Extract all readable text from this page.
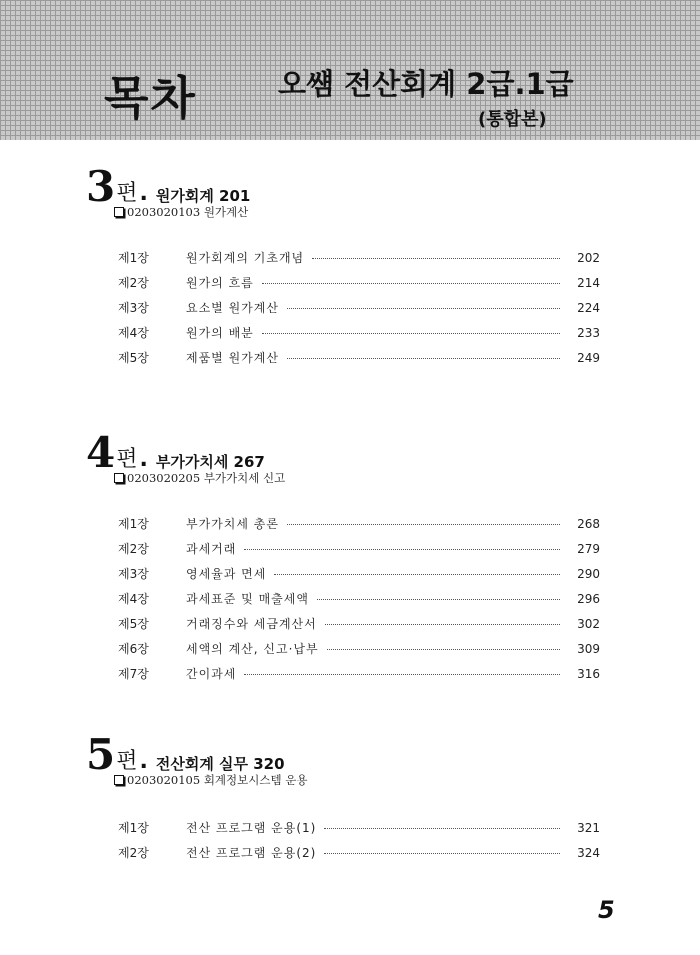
목차	오썜 전산회계 2급.1급
(통합본)
3편. 원가회계 201
0203020103 원가계산
제1장	원가회계의 기초개념	202
제2장	원가의 흐름	214
제3장	요소별 원가계산	224
제4장	원가의 배분	233
제5장	제품별 원가계산	249
4편. 부가가치세 267
0203020205 부가가치세 신고
제1장	부가가치세 총론	268
제2장	과세거래	279
제3장	영세율과 면세	290
제4장	과세표준 및 매출세액	296
제5장	거래징수와 세금계산서	302
제6장	세액의 계산, 신고·납부	309
제7장	간이과세	316
5편. 전산회계 실무 320
0203020105 회계정보시스템 운용
제1장	전산 프로그램 운용(1)	321
제2장	전산 프로그램 운용(2)	324
5
